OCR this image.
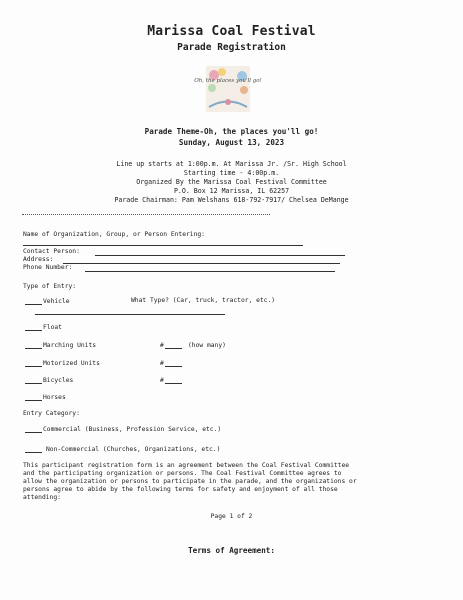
Marissa Coal Festival
Parade Registration
Oh, the places you'll go!
Parade Theme-Oh, the places you'll go!
Sunday, August 13, 2023
Line up starts at 1:00p.m. At Marissa Jr. /Sr. High School
Starting time - 4:00p.m.
Organized By the Marissa Coal Festival Committee
P.O. Box 12 Marissa, IL 62257
Parade Chairman: Pam Welshans 618-792-7917/ Chelsea DeMange
Name of Organization, Group, or Person Entering:
Contact Person:
Address:
Phone Number:
Type of Entry:
Vehicle	What Type? (Car, truck, tractor, etc.)
Float
Marching Units	#	(how many)
Motorized Units	#
Bicycles	#
Horses
Entry Category:
Commercial (Business, Profession Service, etc.)
Non-Commercial (Churches, Organizations, etc.)
This participant registration form is an agreement between the Coal Festival Committee
and the participating organization or persons. The Coal Festival Committee agrees to
allow the organization or persons to participate in the parade, and the organizations or
persons agree to abide by the following terms for safety and enjoyment of all those
attending:
Page 1 of 2
Terms of Agreement:
